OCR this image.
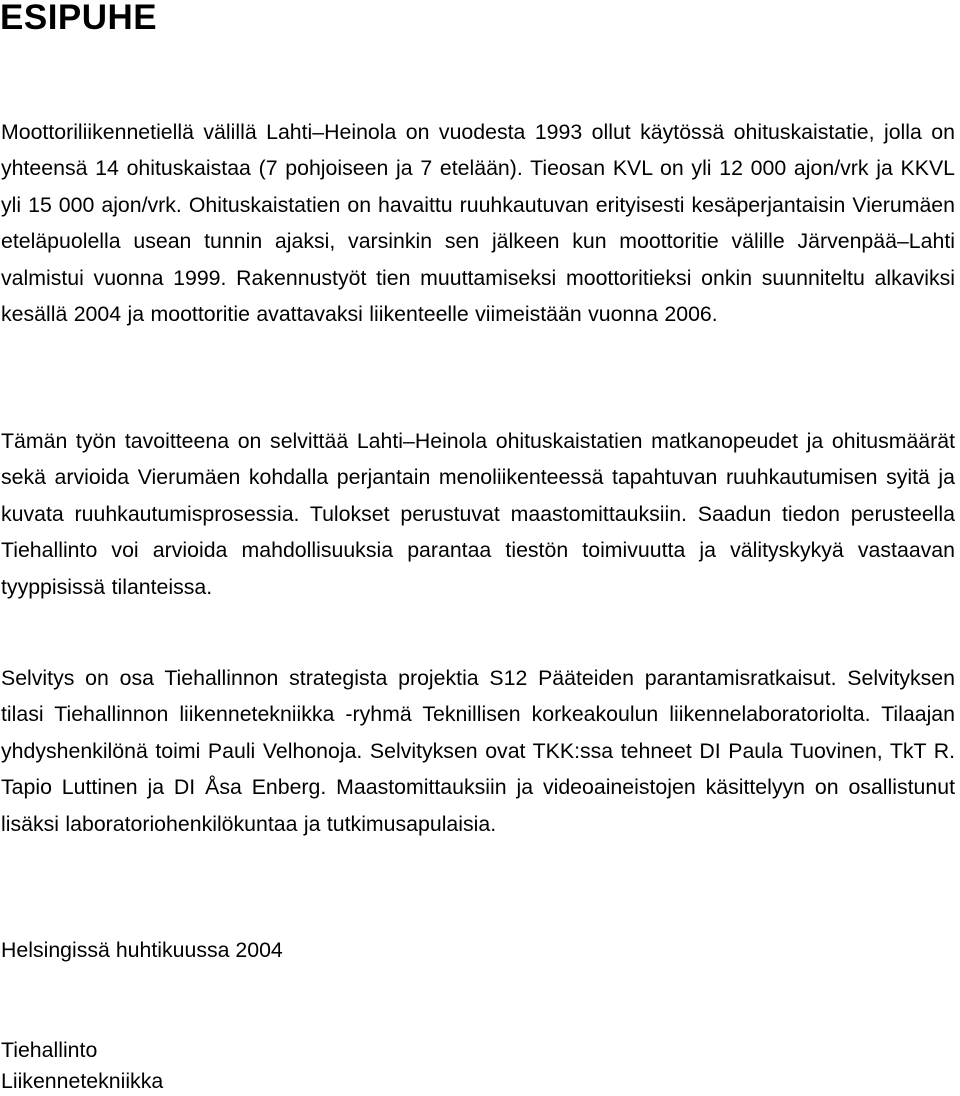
ESIPUHE

Moottoriliikennetiellä välillä Lahti–Heinola on vuodesta 1993 ollut käytössä ohituskaistatie, jolla on yhteensä 14 ohituskaistaa (7 pohjoiseen ja 7 etelään). Tieosan KVL on yli 12 000 ajon/vrk ja KKVL yli 15 000 ajon/vrk. Ohituskaistatien on havaittu ruuhkautuvan erityisesti kesäperjantaisin Vierumäen eteläpuolella usean tunnin ajaksi, varsinkin sen jälkeen kun moottoritie välille Järvenpää–Lahti valmistui vuonna 1999. Rakennustyöt tien muuttamiseksi moottoritieksi onkin suunniteltu alkaviksi kesällä 2004 ja moottoritie avattavaksi liikenteelle viimeistään vuonna 2006.

Tämän työn tavoitteena on selvittää Lahti–Heinola ohituskaistatien matkanopeudet ja ohitusmäärät sekä arvioida Vierumäen kohdalla perjantain menoliikenteessä tapahtuvan ruuhkautumisen syitä ja kuvata ruuhkautumisprosessia. Tulokset perustuvat maastomittauksiin. Saadun tiedon perusteella Tiehallinto voi arvioida mahdollisuuksia parantaa tiestön toimivuutta ja välityskykyä vastaavan tyyppisissä tilanteissa.

Selvitys on osa Tiehallinnon strategista projektia S12 Pääteiden parantamisratkaisut. Selvityksen tilasi Tiehallinnon liikennetekniikka -ryhmä Teknillisen korkeakoulun liikennelaboratoriolta. Tilaajan yhdyshenkilönä toimi Pauli Velhonoja. Selvityksen ovat TKK:ssa tehneet DI Paula Tuovinen, TkT R. Tapio Luttinen ja DI Åsa Enberg. Maastomittauksiin ja videoaineistojen käsittelyyn on osallistunut lisäksi laboratoriohenkilökuntaa ja tutkimusapulaisia.

Helsingissä huhtikuussa 2004
Tiehallinto
Liikennetekniikka
